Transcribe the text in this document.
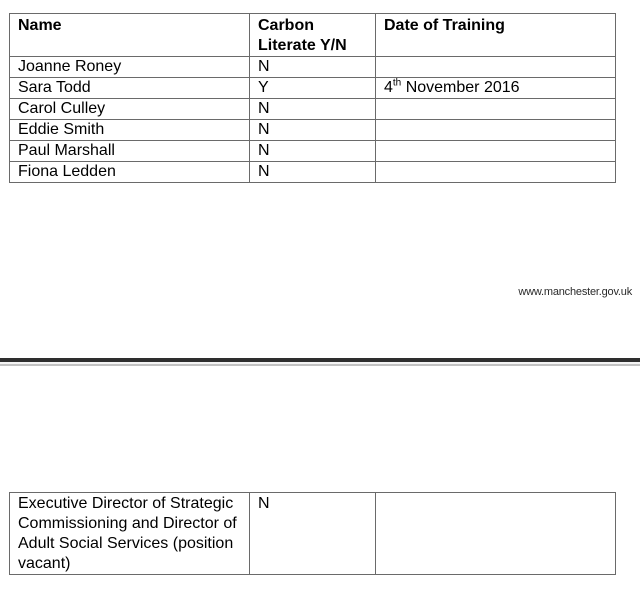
Name	Carbon Literate Y/N	Date of Training
Joanne Roney	N	
Sara Todd	Y	4th November 2016
Carol Culley	N	
Eddie Smith	N	
Paul Marshall	N	
Fiona Ledden	N	
www.manchester.gov.uk
Executive Director of Strategic Commissioning and Director of Adult Social Services (position vacant)	N	
